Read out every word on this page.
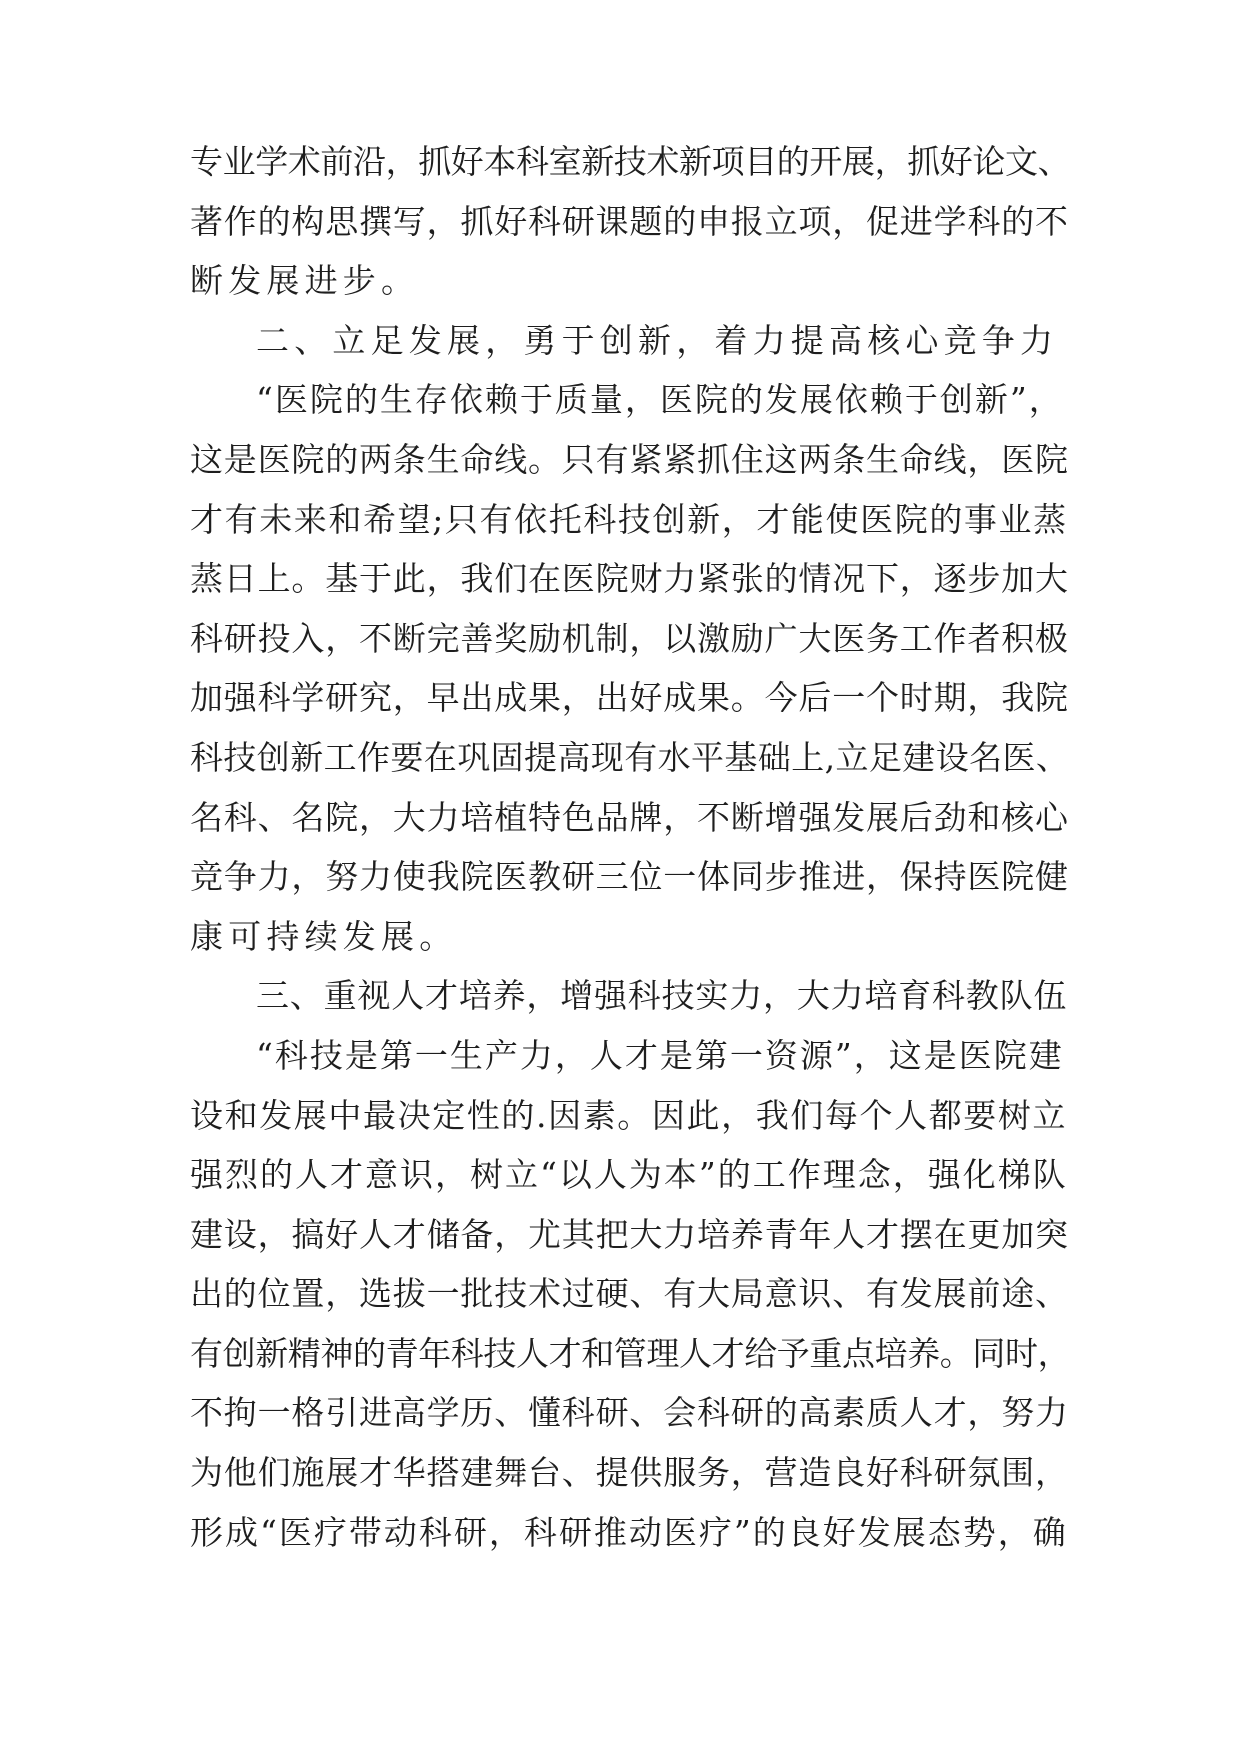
专业学术前沿，抓好本科室新技术新项目的开展，抓好论文、
著作的构思撰写，抓好科研课题的申报立项，促进学科的不
断发展进步。
二、立足发展，勇于创新，着力提高核心竞争力
“医院的生存依赖于质量，医院的发展依赖于创新”，
这是医院的两条生命线。只有紧紧抓住这两条生命线，医院
才有未来和希望;只有依托科技创新，才能使医院的事业蒸
蒸日上。基于此，我们在医院财力紧张的情况下，逐步加大
科研投入，不断完善奖励机制，以激励广大医务工作者积极
加强科学研究，早出成果，出好成果。今后一个时期，我院
科技创新工作要在巩固提高现有水平基础上,立足建设名医、
名科、名院，大力培植特色品牌，不断增强发展后劲和核心
竞争力，努力使我院医教研三位一体同步推进，保持医院健
康可持续发展。
三、重视人才培养，增强科技实力，大力培育科教队伍
“科技是第一生产力，人才是第一资源”，这是医院建
设和发展中最决定性的.因素。因此，我们每个人都要树立
强烈的人才意识，树立“以人为本”的工作理念，强化梯队
建设，搞好人才储备，尤其把大力培养青年人才摆在更加突
出的位置，选拔一批技术过硬、有大局意识、有发展前途、
有创新精神的青年科技人才和管理人才给予重点培养。同时，
不拘一格引进高学历、懂科研、会科研的高素质人才，努力
为他们施展才华搭建舞台、提供服务，营造良好科研氛围，
形成“医疗带动科研，科研推动医疗”的良好发展态势，确
